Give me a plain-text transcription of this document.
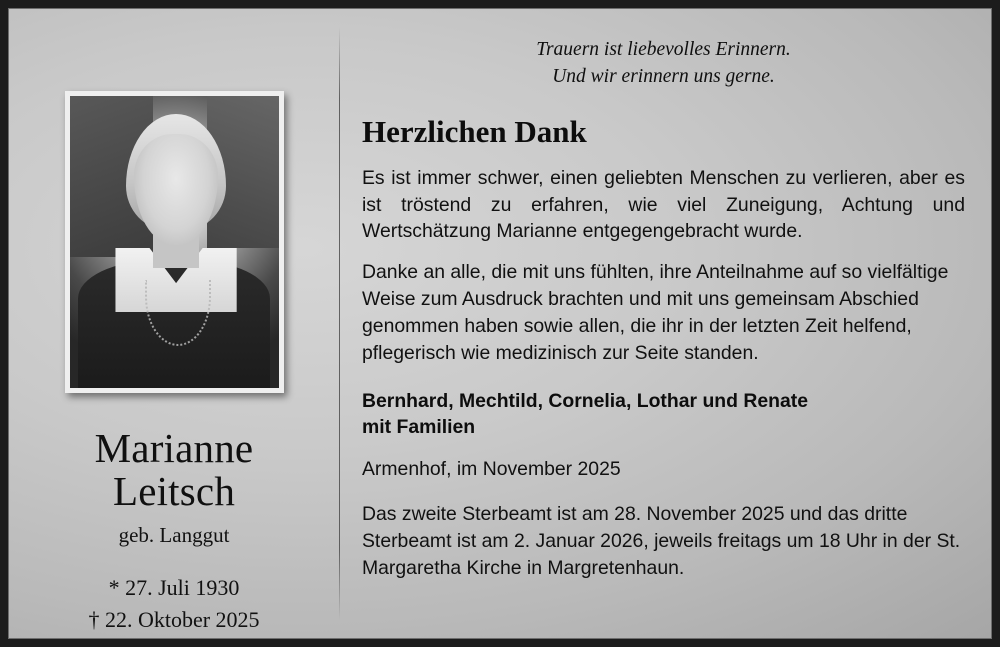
Marianne
Leitsch
geb. Langgut
* 27. Juli 1930
† 22. Oktober 2025
Trauern ist liebevolles Erinnern.
Und wir erinnern uns gerne.
Herzlichen Dank

Es ist immer schwer, einen geliebten Menschen zu verlieren, aber es ist tröstend zu erfahren, wie viel Zuneigung, Achtung und Wertschätzung Marianne entgegengebracht wurde.

Danke an alle, die mit uns fühlten, ihre Anteilnahme auf so vielfältige Weise zum Ausdruck brachten und mit uns gemeinsam Abschied genommen haben sowie allen, die ihr in der letzten Zeit helfend, pflegerisch wie medizinisch zur Seite standen.

Bernhard, Mechtild, Cornelia, Lothar und Renate
mit Familien

Armenhof, im November 2025

Das zweite Sterbeamt ist am 28. November 2025 und das dritte Sterbeamt ist am 2. Januar 2026, jeweils freitags um 18 Uhr in der St. Margaretha Kirche in Margretenhaun.
